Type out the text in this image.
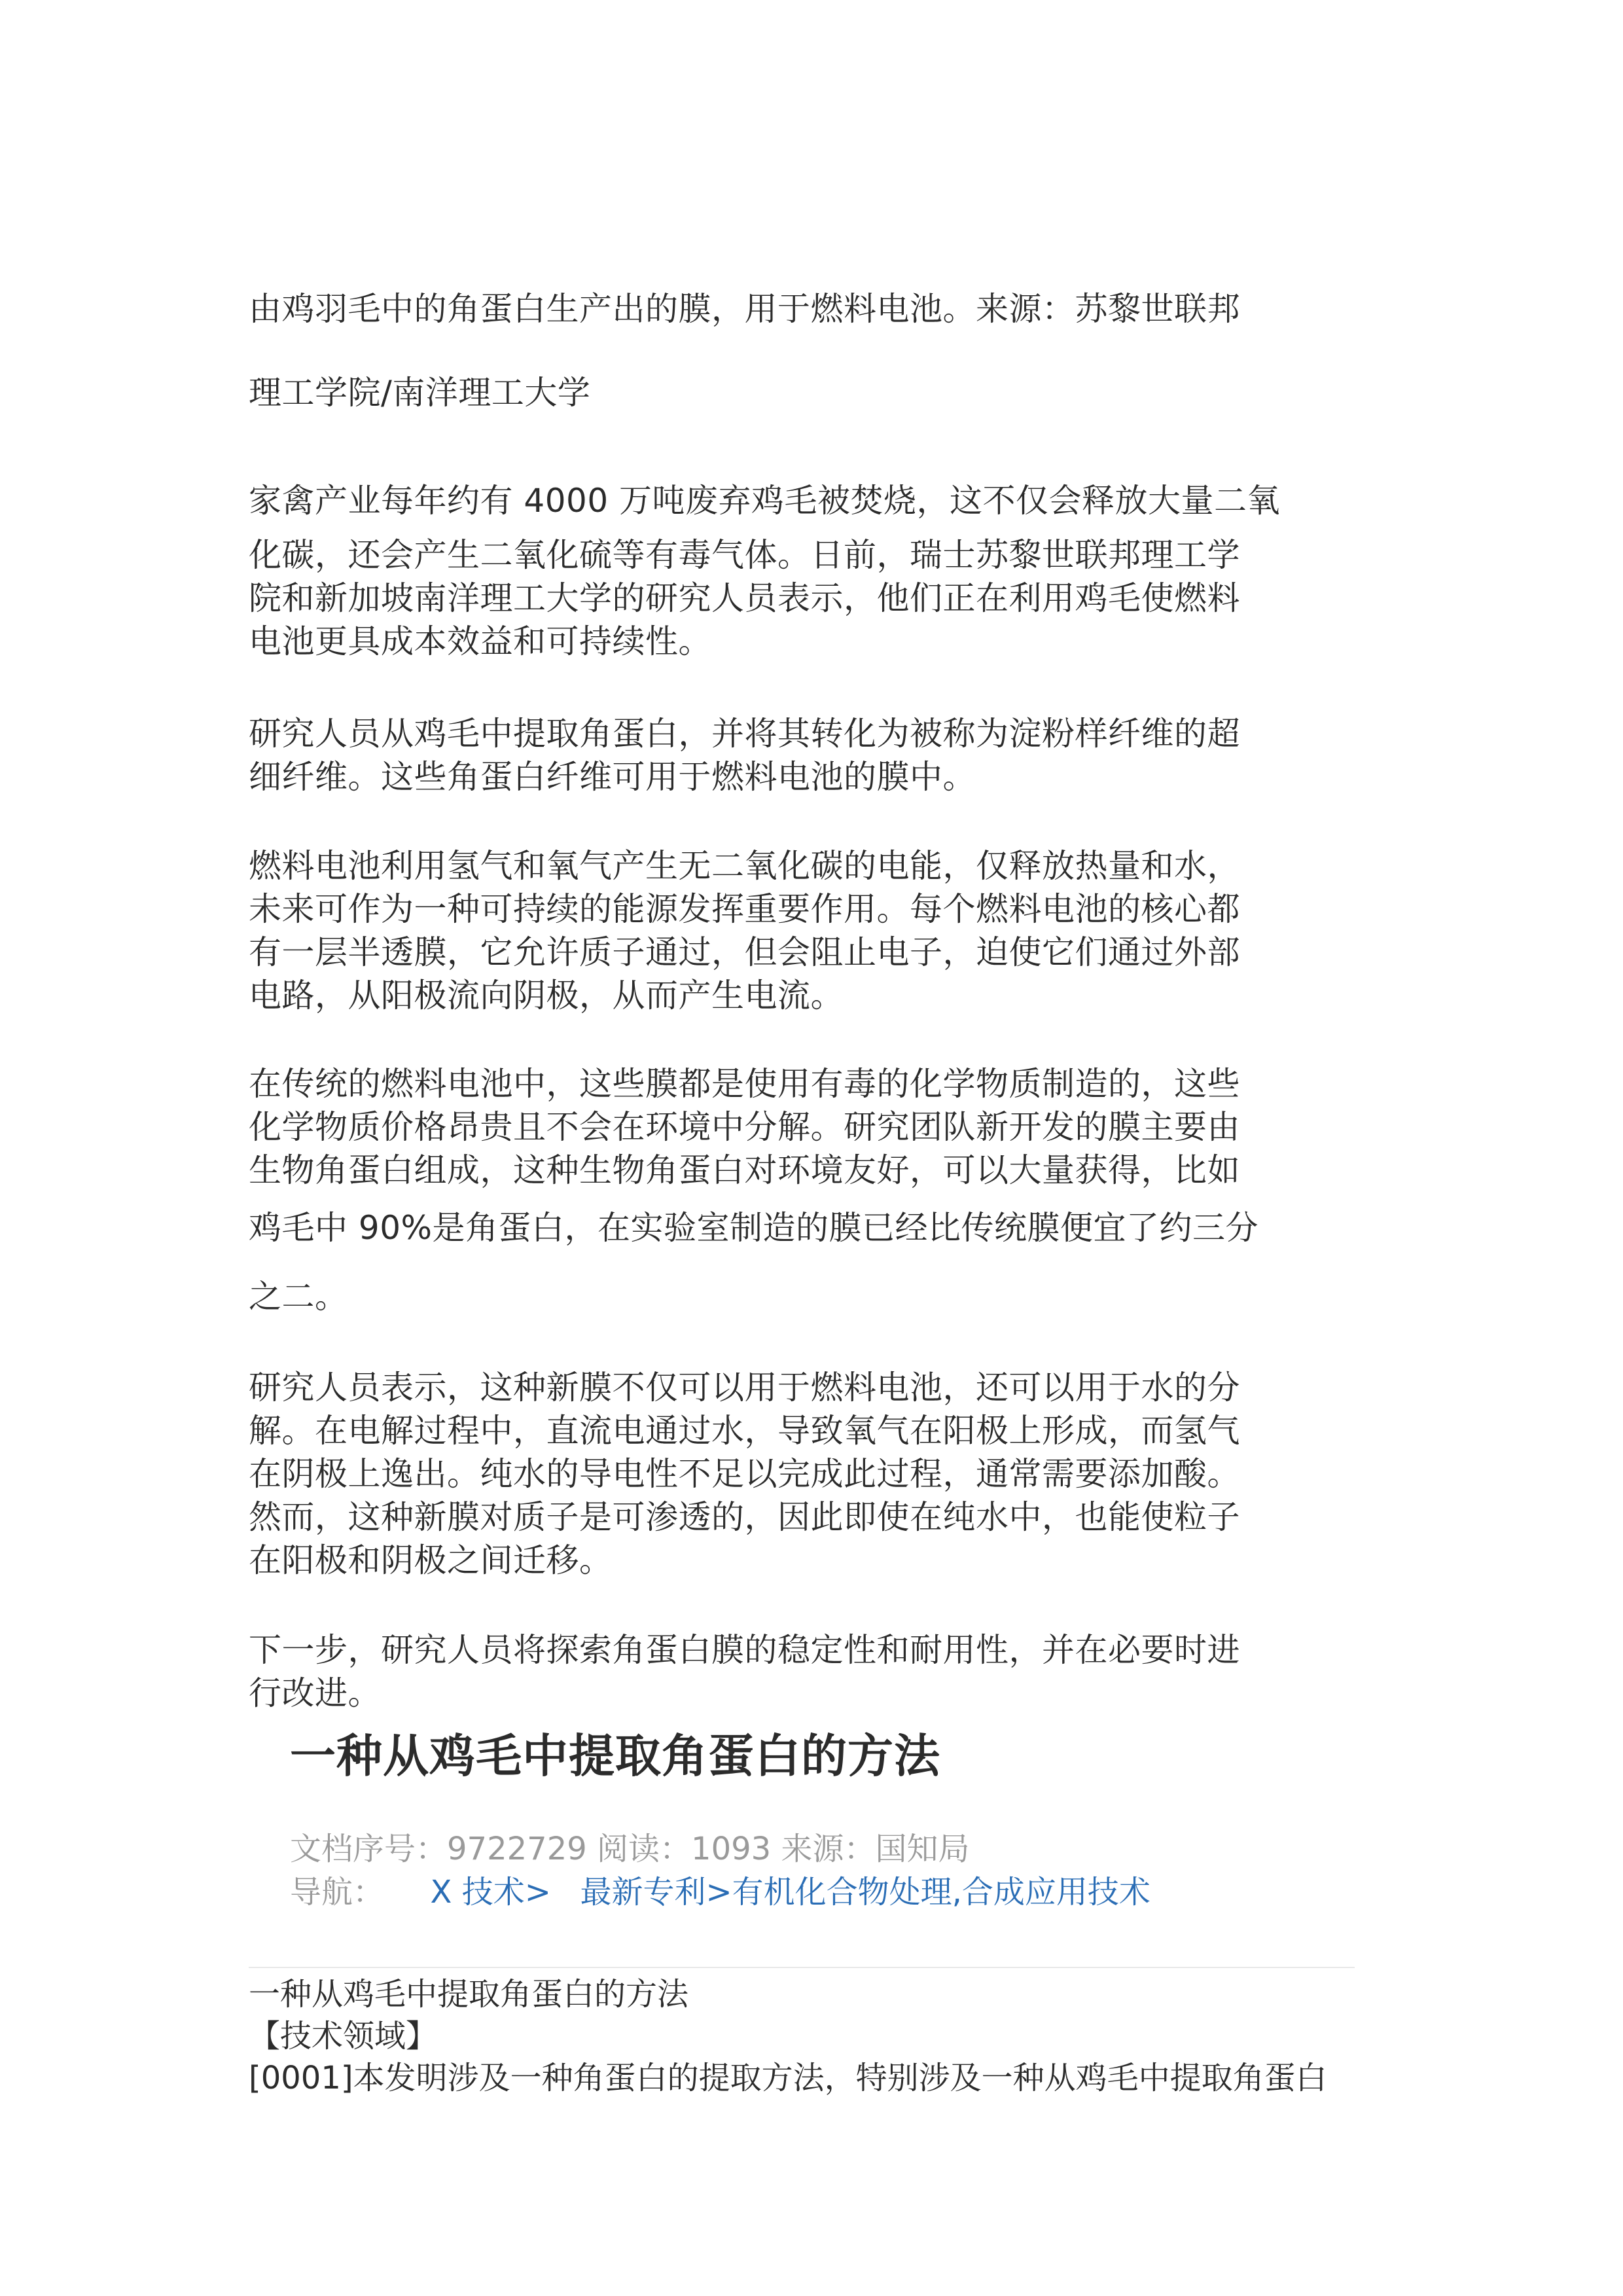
由鸡羽毛中的角蛋白生产出的膜，用于燃料电池。来源：苏黎世联邦
理工学院/南洋理工大学
家禽产业每年约有 4000 万吨废弃鸡毛被焚烧，这不仅会释放大量二氧
化碳，还会产生二氧化硫等有毒气体。日前，瑞士苏黎世联邦理工学
院和新加坡南洋理工大学的研究人员表示，他们正在利用鸡毛使燃料
电池更具成本效益和可持续性。
研究人员从鸡毛中提取角蛋白，并将其转化为被称为淀粉样纤维的超
细纤维。这些角蛋白纤维可用于燃料电池的膜中。
燃料电池利用氢气和氧气产生无二氧化碳的电能，仅释放热量和水，
未来可作为一种可持续的能源发挥重要作用。每个燃料电池的核心都
有一层半透膜，它允许质子通过，但会阻止电子，迫使它们通过外部
电路，从阳极流向阴极，从而产生电流。
在传统的燃料电池中，这些膜都是使用有毒的化学物质制造的，这些
化学物质价格昂贵且不会在环境中分解。研究团队新开发的膜主要由
生物角蛋白组成，这种生物角蛋白对环境友好，可以大量获得，比如
鸡毛中 90%是角蛋白，在实验室制造的膜已经比传统膜便宜了约三分
之二。
研究人员表示，这种新膜不仅可以用于燃料电池，还可以用于水的分
解。在电解过程中，直流电通过水，导致氧气在阳极上形成，而氢气
在阴极上逸出。纯水的导电性不足以完成此过程，通常需要添加酸。
然而，这种新膜对质子是可渗透的，因此即使在纯水中，也能使粒子
在阳极和阴极之间迁移。
下一步，研究人员将探索角蛋白膜的稳定性和耐用性，并在必要时进
行改进。
一种从鸡毛中提取角蛋白的方法
文档序号：9722729 阅读：1093 来源：国知局
导航： X 技术> 最新专利>有机化合物处理,合成应用技术
一种从鸡毛中提取角蛋白的方法
【技术领域】
[0001]本发明涉及一种角蛋白的提取方法，特别涉及一种从鸡毛中提取角蛋白
